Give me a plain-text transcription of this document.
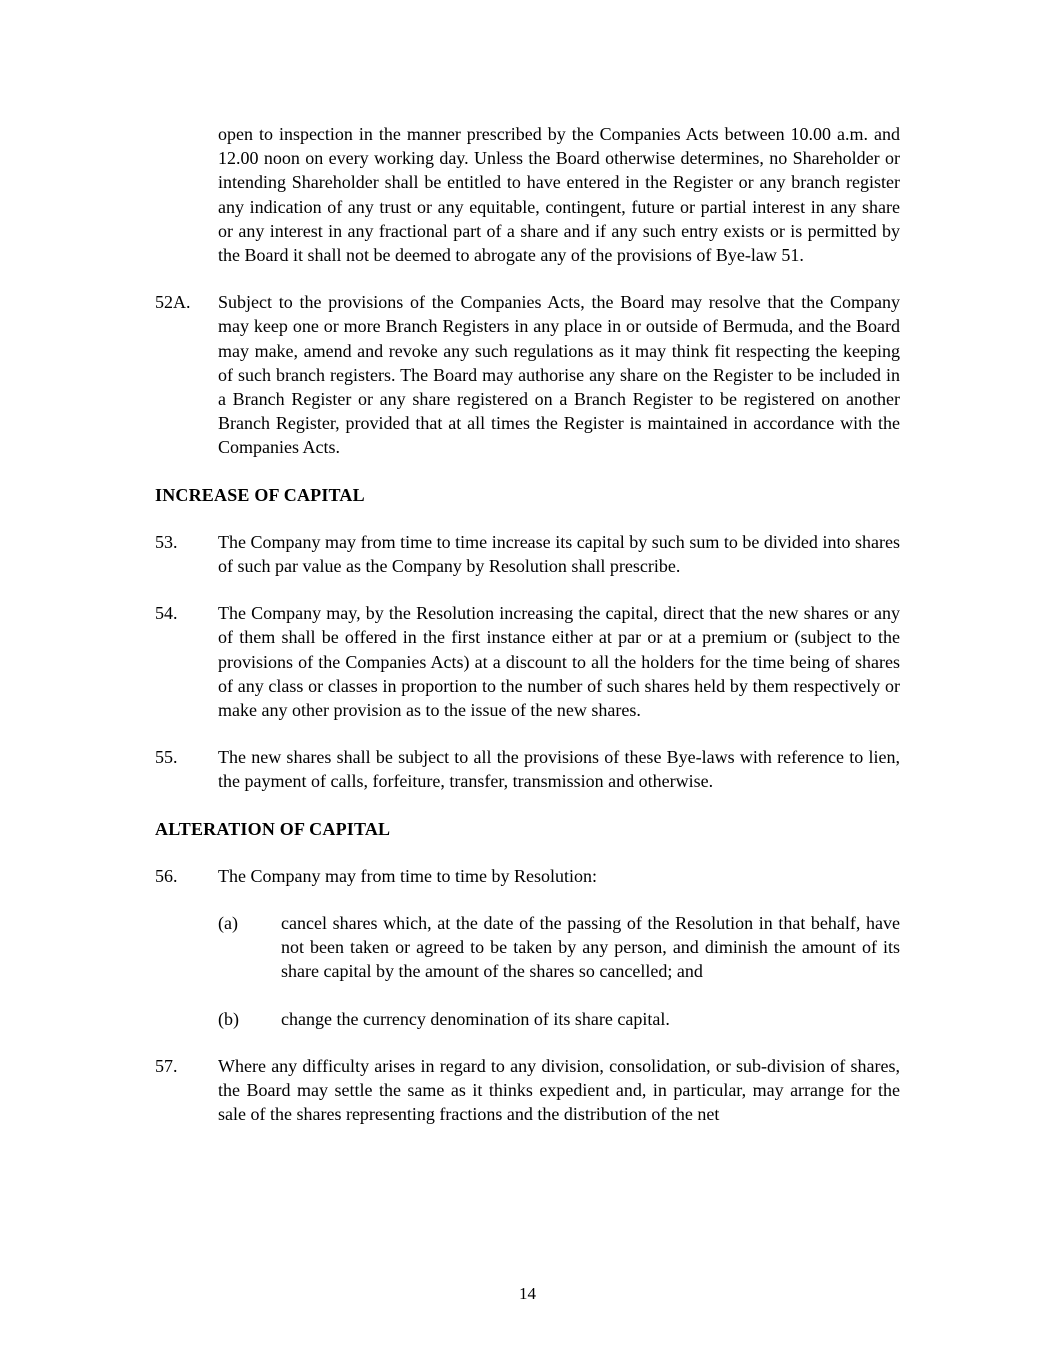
open to inspection in the manner prescribed by the Companies Acts between 10.00 a.m. and 12.00 noon on every working day. Unless the Board otherwise determines, no Shareholder or intending Shareholder shall be entitled to have entered in the Register or any branch register any indication of any trust or any equitable, contingent, future or partial interest in any share or any interest in any fractional part of a share and if any such entry exists or is permitted by the Board it shall not be deemed to abrogate any of the provisions of Bye-law 51.
52A.	Subject to the provisions of the Companies Acts, the Board may resolve that the Company may keep one or more Branch Registers in any place in or outside of Bermuda, and the Board may make, amend and revoke any such regulations as it may think fit respecting the keeping of such branch registers. The Board may authorise any share on the Register to be included in a Branch Register or any share registered on a Branch Register to be registered on another Branch Register, provided that at all times the Register is maintained in accordance with the Companies Acts.
INCREASE OF CAPITAL
53.	The Company may from time to time increase its capital by such sum to be divided into shares of such par value as the Company by Resolution shall prescribe.
54.	The Company may, by the Resolution increasing the capital, direct that the new shares or any of them shall be offered in the first instance either at par or at a premium or (subject to the provisions of the Companies Acts) at a discount to all the holders for the time being of shares of any class or classes in proportion to the number of such shares held by them respectively or make any other provision as to the issue of the new shares.
55.	The new shares shall be subject to all the provisions of these Bye-laws with reference to lien, the payment of calls, forfeiture, transfer, transmission and otherwise.
ALTERATION OF CAPITAL
56.	The Company may from time to time by Resolution:
(a)	cancel shares which, at the date of the passing of the Resolution in that behalf, have not been taken or agreed to be taken by any person, and diminish the amount of its share capital by the amount of the shares so cancelled; and
(b)	change the currency denomination of its share capital.
57.	Where any difficulty arises in regard to any division, consolidation, or sub-division of shares, the Board may settle the same as it thinks expedient and, in particular, may arrange for the sale of the shares representing fractions and the distribution of the net
14
